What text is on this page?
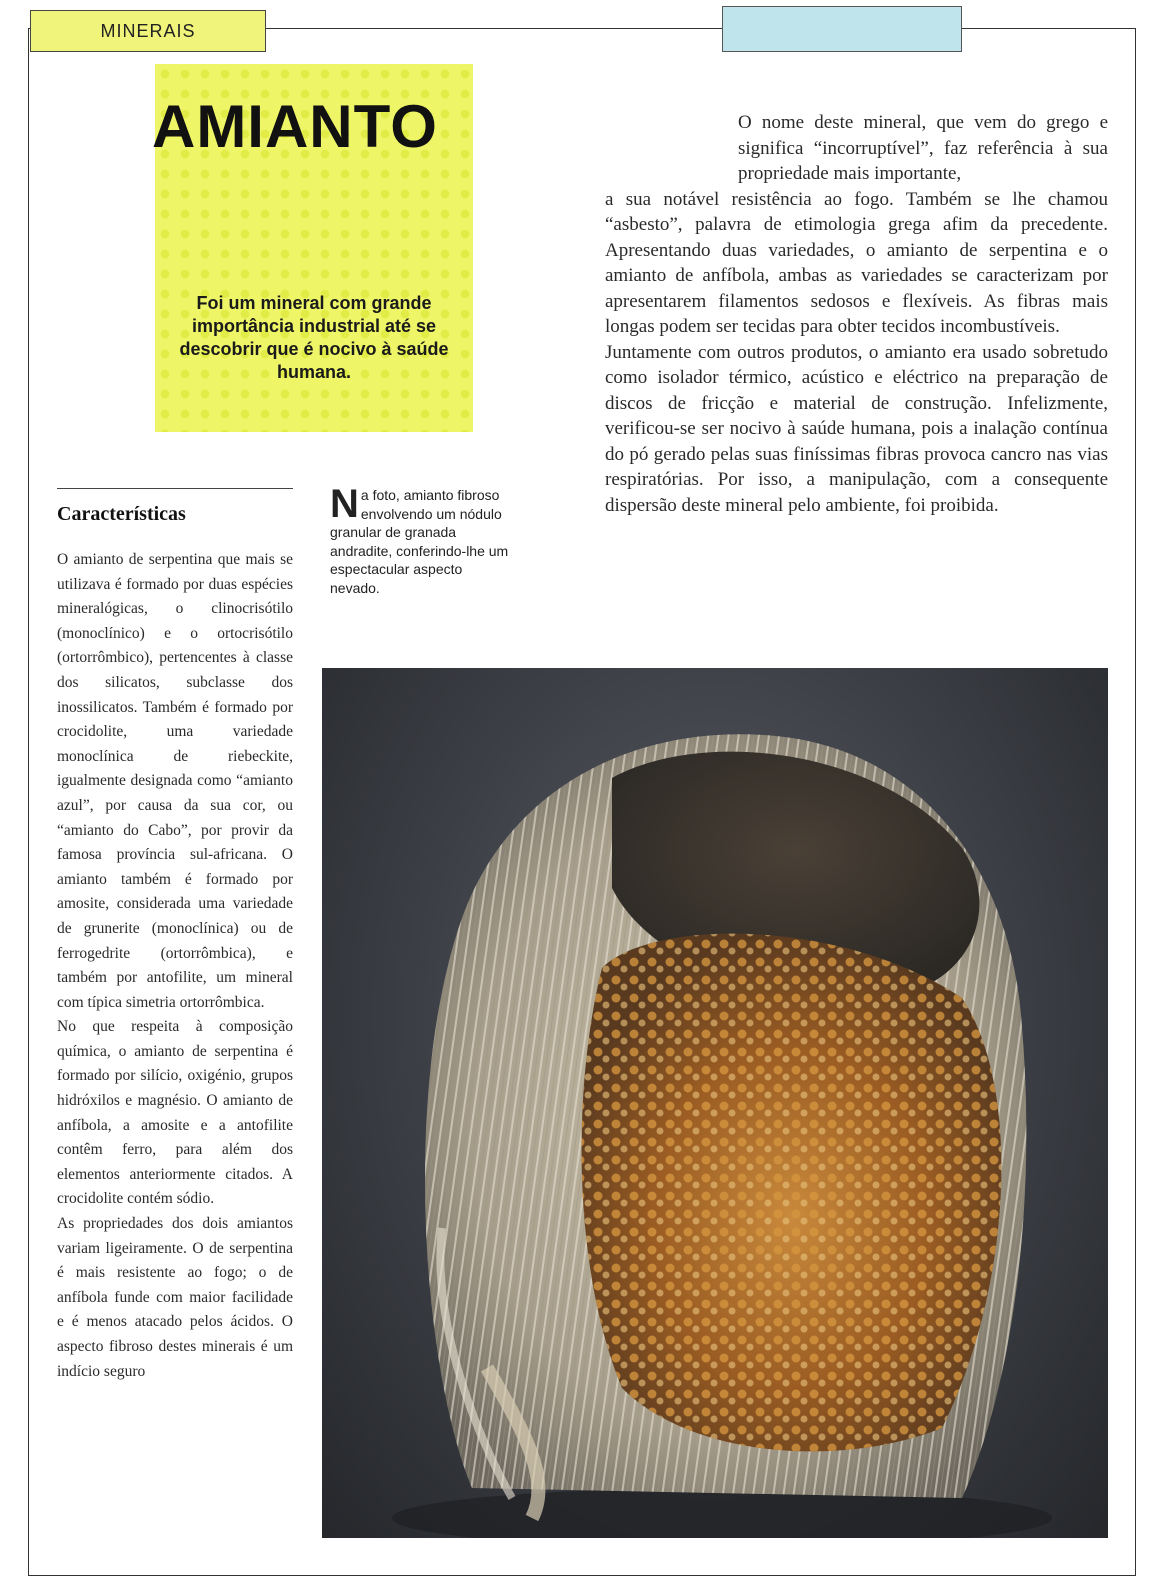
MINERAIS
AMIANTO

Foi um mineral com grande importância industrial até se descobrir que é nocivo à saúde humana.

Características

O amianto de serpentina que mais se utilizava é formado por duas espécies mineralógicas, o clinocrisótilo (monoclínico) e o ortocrisótilo (ortorrômbico), pertencentes à classe dos silicatos, subclasse dos inossilicatos. Também é formado por crocidolite, uma variedade monoclínica de riebeckite, igualmente designada como “amianto azul”, por causa da sua cor, ou “amianto do Cabo”, por provir da famosa província sul-africana. O amianto também é formado por amosite, considerada uma variedade de grunerite (monoclínica) ou de ferrogedrite (ortorrômbica), e também por antofilite, um mineral com típica simetria ortorrômbica.

No que respeita à composição química, o amianto de serpentina é formado por silício, oxigénio, grupos hidróxilos e magnésio. O amianto de anfíbola, a amosite e a antofilite contêm ferro, para além dos elementos anteriormente citados. A crocidolite contém sódio.

As propriedades dos dois amiantos variam ligeiramente. O de serpentina é mais resistente ao fogo; o de anfíbola funde com maior facilidade e é menos atacado pelos ácidos. O aspecto fibroso destes minerais é um indício seguro

Na foto, amianto fibroso envolvendo um nódulo granular de granada andradite, conferindo-lhe um espectacular aspecto nevado.

O nome deste mineral, que vem do grego e significa “incorruptível”, faz referência à sua propriedade mais importante,

a sua notável resistência ao fogo. Também se lhe chamou “asbesto”, palavra de etimologia grega afim da precedente. Apresentando duas variedades, o amianto de serpentina e o amianto de anfíbola, ambas as variedades se caracterizam por apresentarem filamentos sedosos e flexíveis. As fibras mais longas podem ser tecidas para obter tecidos incombustíveis.

Juntamente com outros produtos, o amianto era usado sobretudo como isolador térmico, acústico e eléctrico na preparação de discos de fricção e material de construção. Infelizmente, verificou-se ser nocivo à saúde humana, pois a inalação contínua do pó gerado pelas suas finíssimas fibras provoca cancro nas vias respiratórias. Por isso, a manipulação, com a consequente dispersão deste mineral pelo ambiente, foi proibida.
